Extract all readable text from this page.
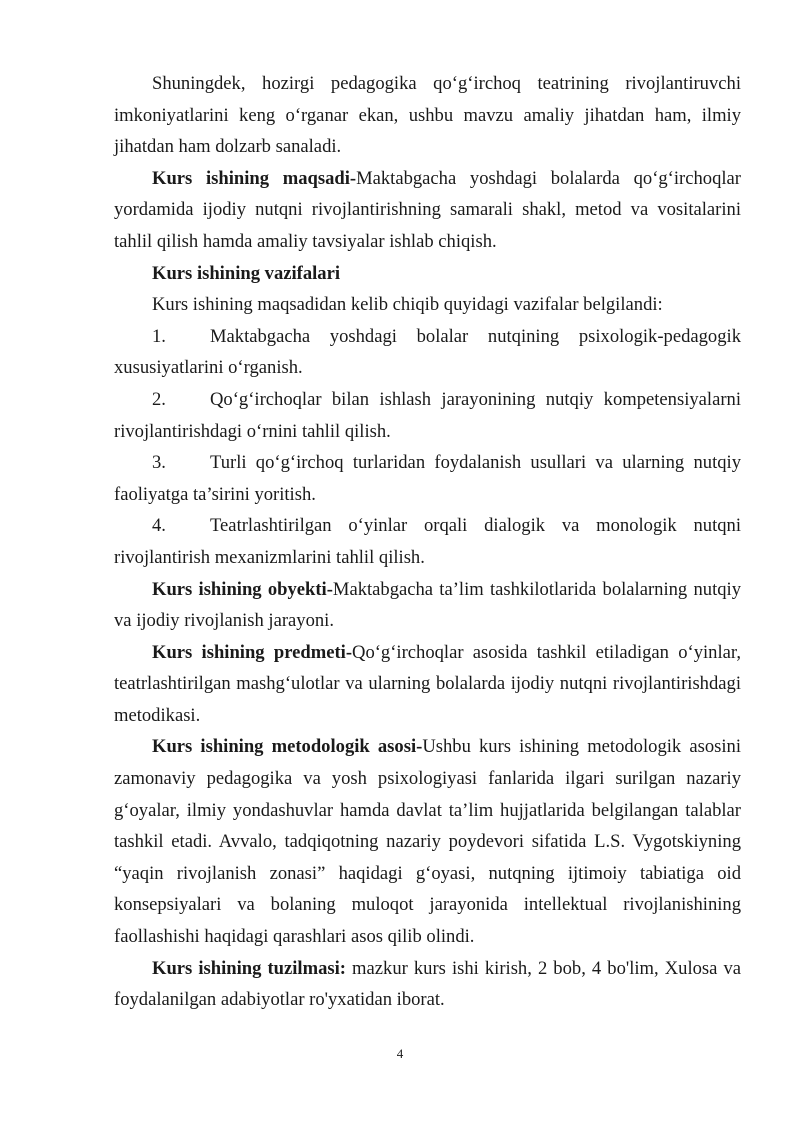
Shuningdek, hozirgi pedagogika qo‘g‘irchoq teatrining rivojlantiruvchi imkoniyatlarini keng o‘rganar ekan, ushbu mavzu amaliy jihatdan ham, ilmiy jihatdan ham dolzarb sanaladi.

Kurs ishining maqsadi-Maktabgacha yoshdagi bolalarda qo‘g‘irchoqlar yordamida ijodiy nutqni rivojlantirishning samarali shakl, metod va vositalarini tahlil qilish hamda amaliy tavsiyalar ishlab chiqish.

Kurs ishining vazifalari

Kurs ishining maqsadidan kelib chiqib quyidagi vazifalar belgilandi:

1. Maktabgacha yoshdagi bolalar nutqining psixologik-pedagogik xususiyatlarini o‘rganish.

2. Qo‘g‘irchoqlar bilan ishlash jarayonining nutqiy kompetensiyalarni rivojlantirishdagi o‘rnini tahlil qilish.

3. Turli qo‘g‘irchoq turlaridan foydalanish usullari va ularning nutqiy faoliyatga ta’sirini yoritish.

4. Teatrlashtirilgan o‘yinlar orqali dialogik va monologik nutqni rivojlantirish mexanizmlarini tahlil qilish.

Kurs ishining obyekti-Maktabgacha ta’lim tashkilotlarida bolalarning nutqiy va ijodiy rivojlanish jarayoni.

Kurs ishining predmeti-Qo‘g‘irchoqlar asosida tashkil etiladigan o‘yinlar, teatrlashtirilgan mashg‘ulotlar va ularning bolalarda ijodiy nutqni rivojlantirishdagi metodikasi.

Kurs ishining metodologik asosi-Ushbu kurs ishining metodologik asosini zamonaviy pedagogika va yosh psixologiyasi fanlarida ilgari surilgan nazariy g‘oyalar, ilmiy yondashuvlar hamda davlat ta’lim hujjatlarida belgilangan talablar tashkil etadi. Avvalo, tadqiqotning nazariy poydevori sifatida L.S. Vygotskiyning “yaqin rivojlanish zonasi” haqidagi g‘oyasi, nutqning ijtimoiy tabiatiga oid konsepsiyalari va bolaning muloqot jarayonida intellektual rivojlanishining faollashishi haqidagi qarashlari asos qilib olindi.

Kurs ishining tuzilmasi: mazkur kurs ishi kirish, 2 bob, 4 bo'lim, Xulosa va foydalanilgan adabiyotlar ro'yxatidan iborat.

4
